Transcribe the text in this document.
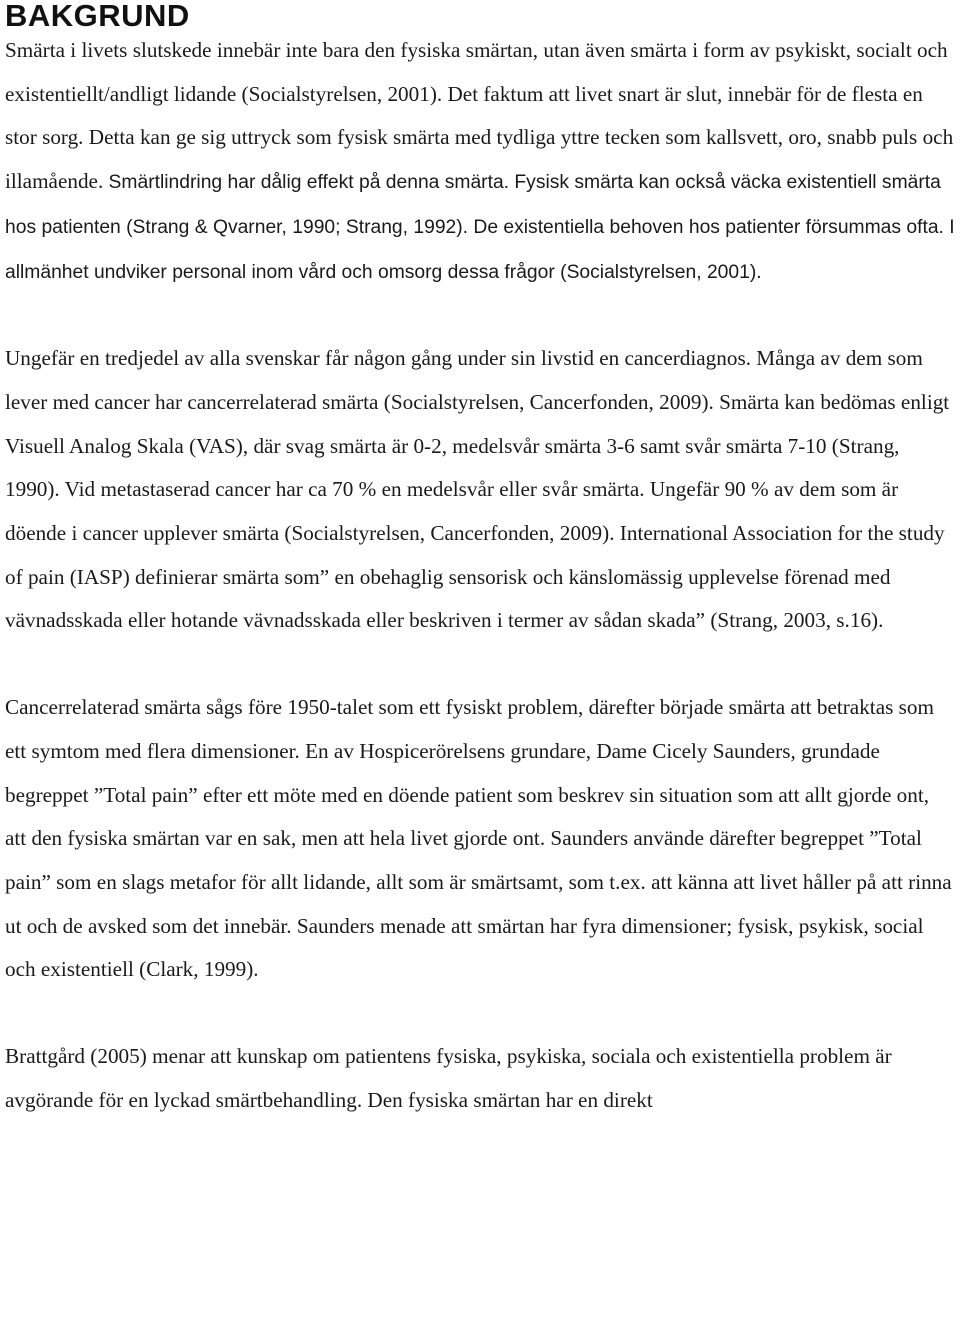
BAKGRUND

Smärta i livets slutskede innebär inte bara den fysiska smärtan, utan även smärta i form av psykiskt, socialt och existentiellt/andligt lidande (Socialstyrelsen, 2001). Det faktum att livet snart är slut, innebär för de flesta en stor sorg. Detta kan ge sig uttryck som fysisk smärta med tydliga yttre tecken som kallsvett, oro, snabb puls och illamående. Smärtlindring har dålig effekt på denna smärta. Fysisk smärta kan också väcka existentiell smärta hos patienten (Strang & Qvarner, 1990; Strang, 1992). De existentiella behoven hos patienter försummas ofta. I allmänhet undviker personal inom vård och omsorg dessa frågor (Socialstyrelsen, 2001).

Ungefär en tredjedel av alla svenskar får någon gång under sin livstid en cancerdiagnos. Många av dem som lever med cancer har cancerrelaterad smärta (Socialstyrelsen, Cancerfonden, 2009). Smärta kan bedömas enligt Visuell Analog Skala (VAS), där svag smärta är 0-2, medelsvår smärta 3-6 samt svår smärta 7-10 (Strang, 1990). Vid metastaserad cancer har ca 70 % en medelsvår eller svår smärta. Ungefär 90 % av dem som är döende i cancer upplever smärta (Socialstyrelsen, Cancerfonden, 2009). International Association for the study of pain (IASP) definierar smärta som” en obehaglig sensorisk och känslomässig upplevelse förenad med vävnadsskada eller hotande vävnadsskada eller beskriven i termer av sådan skada” (Strang, 2003, s.16).

Cancerrelaterad smärta sågs före 1950-talet som ett fysiskt problem, därefter började smärta att betraktas som ett symtom med flera dimensioner. En av Hospicerörelsens grundare, Dame Cicely Saunders, grundade begreppet ”Total pain” efter ett möte med en döende patient som beskrev sin situation som att allt gjorde ont, att den fysiska smärtan var en sak, men att hela livet gjorde ont. Saunders använde därefter begreppet ”Total pain” som en slags metafor för allt lidande, allt som är smärtsamt, som t.ex. att känna att livet håller på att rinna ut och de avsked som det innebär. Saunders menade att smärtan har fyra dimensioner; fysisk, psykisk, social och existentiell (Clark, 1999).

Brattgård (2005) menar att kunskap om patientens fysiska, psykiska, sociala och existentiella problem är avgörande för en lyckad smärtbehandling. Den fysiska smärtan har en direkt
